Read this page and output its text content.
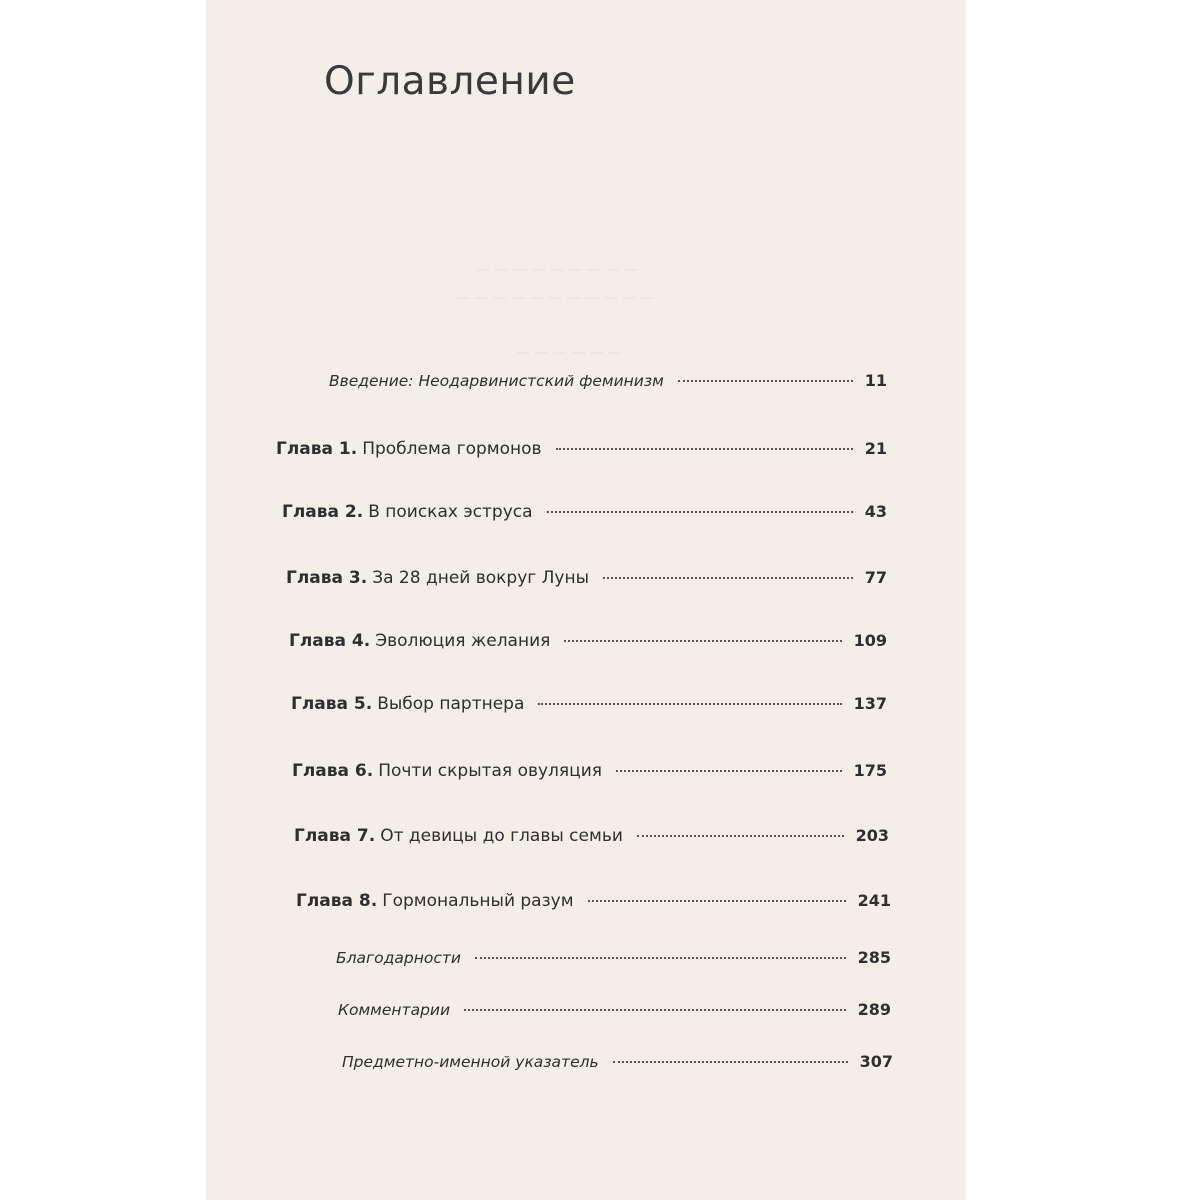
Оглавление
— — — — — — — — —
— — — — — — — — — — —
— — — — — —
Введение: Неодарвинистский феминизм	11
Глава 1. Проблема гормонов	21
Глава 2. В поисках эструса	43
Глава 3. За 28 дней вокруг Луны	77
Глава 4. Эволюция желания	109
Глава 5. Выбор партнера	137
Глава 6. Почти скрытая овуляция	175
Глава 7. От девицы до главы семьи	203
Глава 8. Гормональный разум	241
Благодарности	285
Комментарии	289
Предметно-именной указатель	307
